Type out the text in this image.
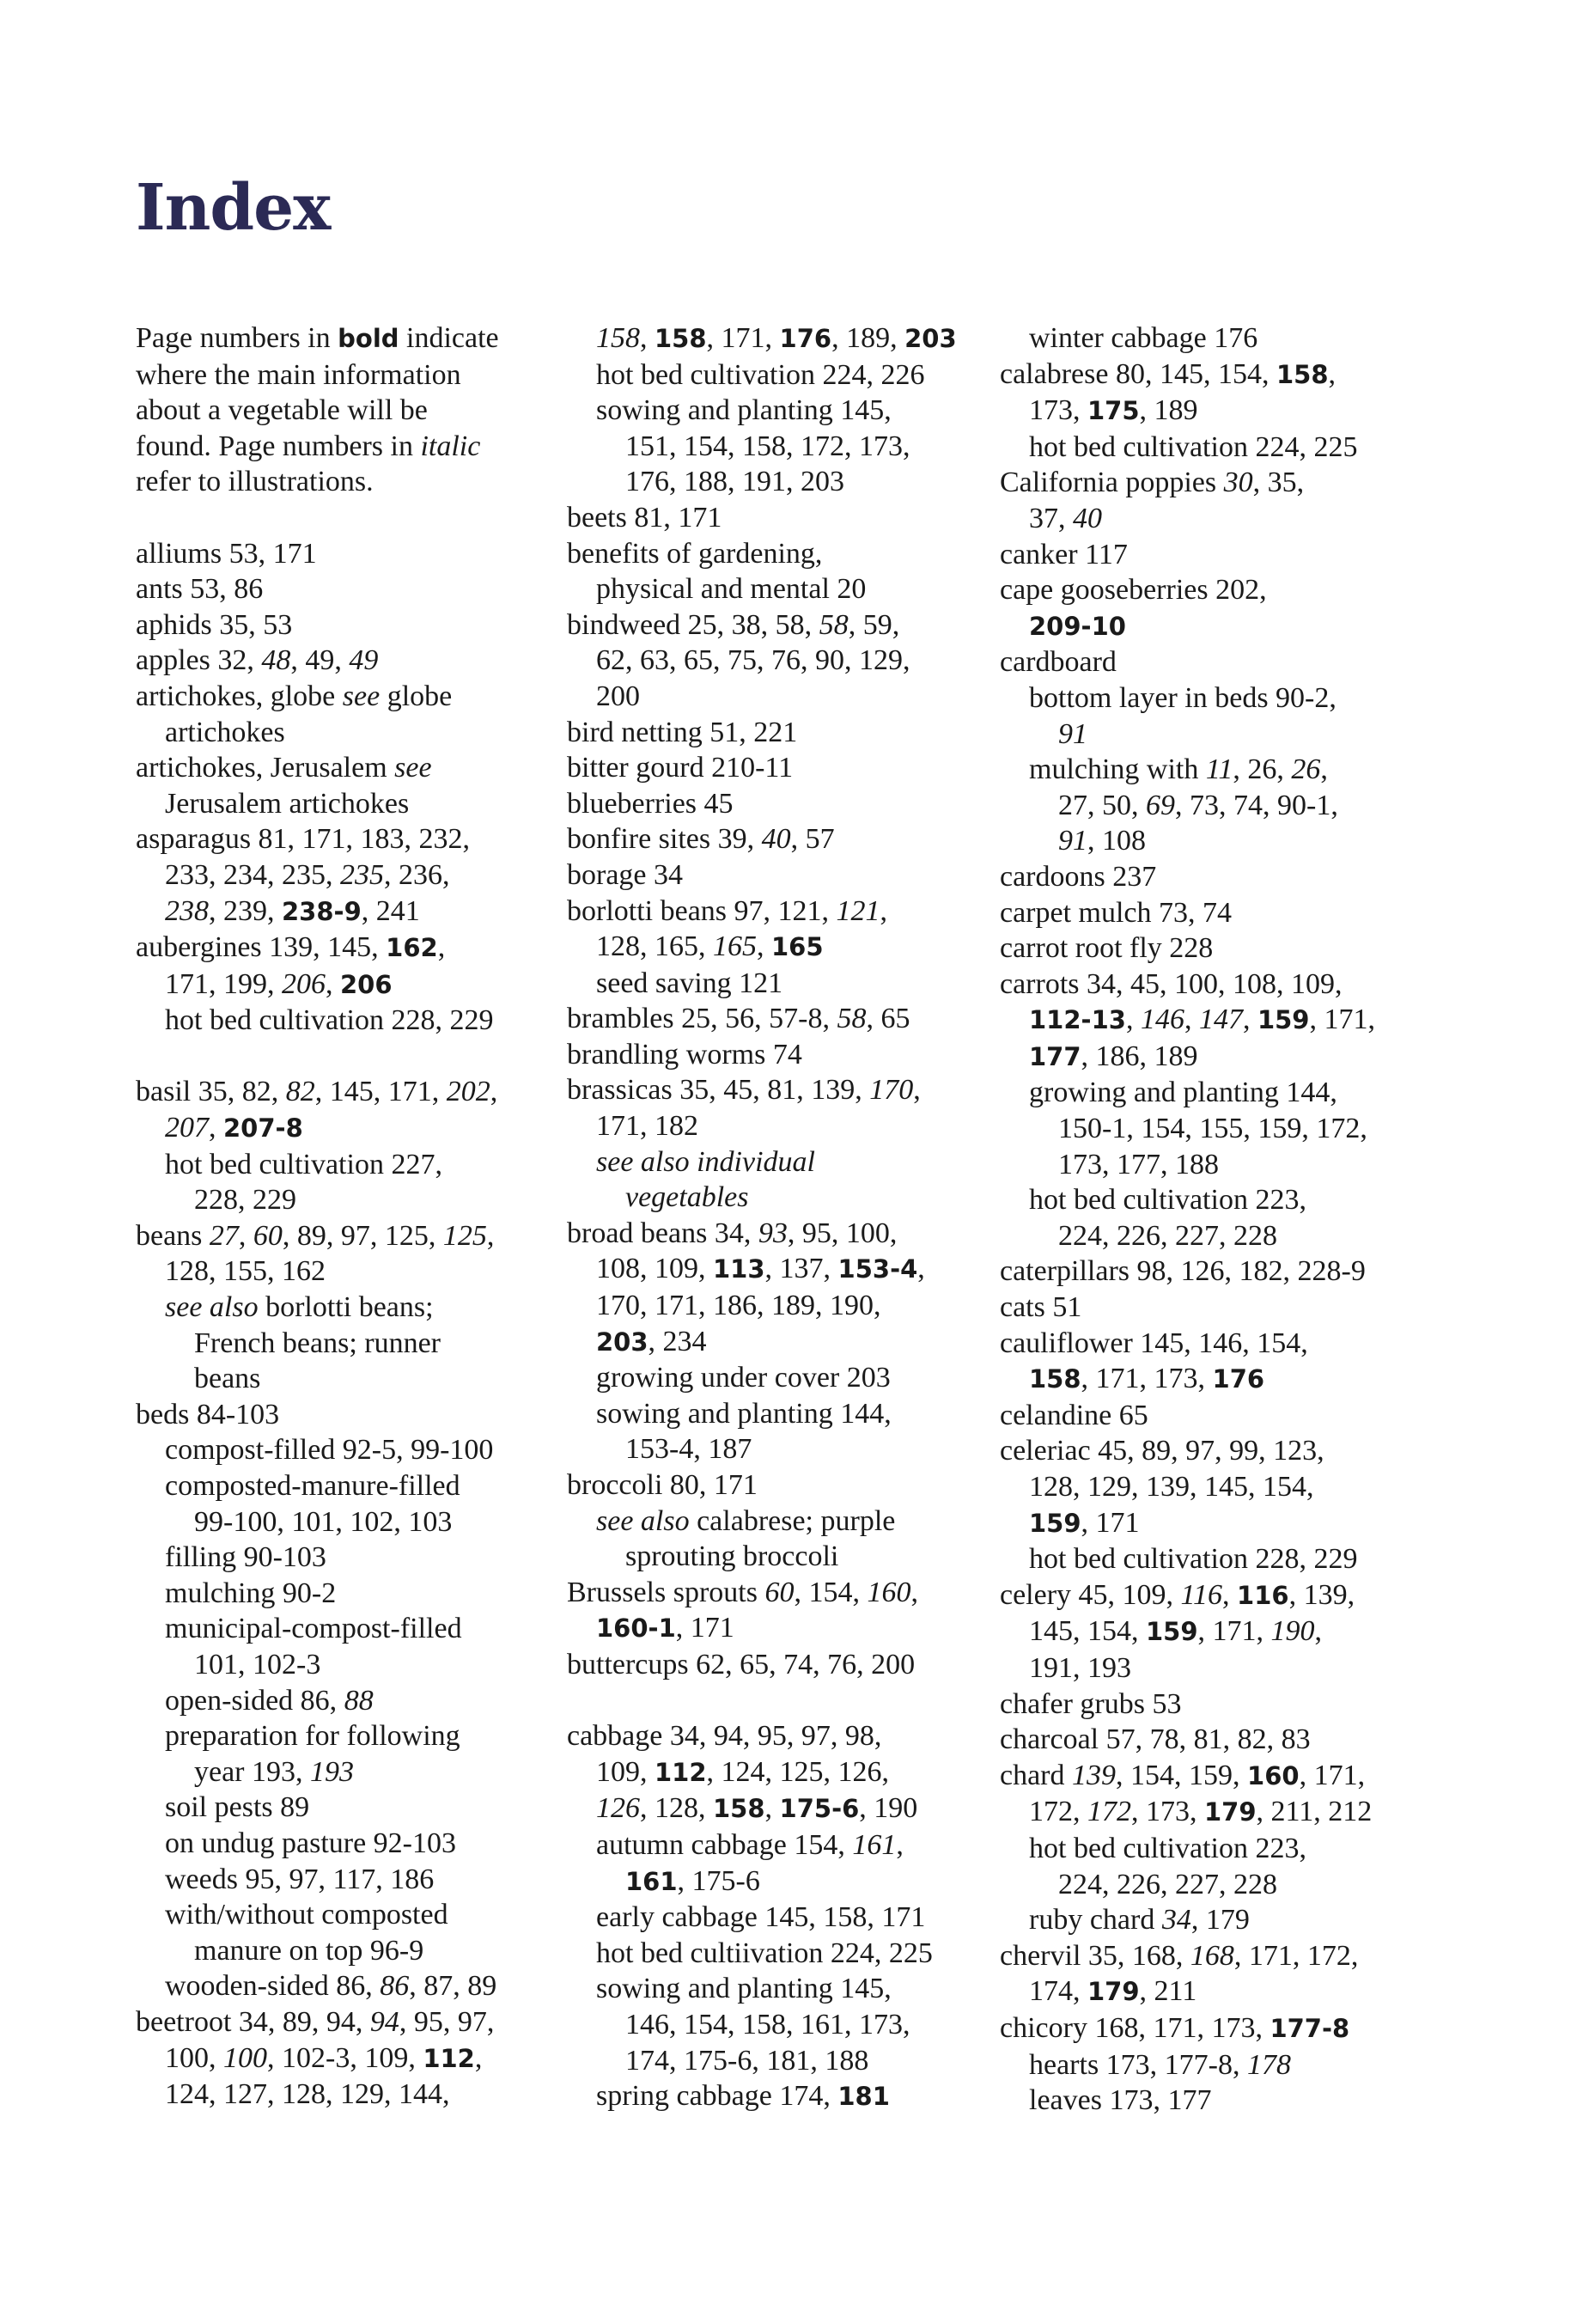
Index
Page numbers in bold indicate
where the main information
about a vegetable will be
found. Page numbers in italic
refer to illustrations.
alliums 53, 171
ants 53, 86
aphids 35, 53
apples 32, 48, 49, 49
artichokes, globe see globe
artichokes
artichokes, Jerusalem see
Jerusalem artichokes
asparagus 81, 171, 183, 232,
233, 234, 235, 235, 236,
238, 239, 238-9, 241
aubergines 139, 145, 162,
171, 199, 206, 206
hot bed cultivation 228, 229
basil 35, 82, 82, 145, 171, 202,
207, 207-8
hot bed cultivation 227,
228, 229
beans 27, 60, 89, 97, 125, 125,
128, 155, 162
see also borlotti beans;
French beans; runner
beans
beds 84-103
compost-filled 92-5, 99-100
composted-manure-filled
99-100, 101, 102, 103
filling 90-103
mulching 90-2
municipal-compost-filled
101, 102-3
open-sided 86, 88
preparation for following
year 193, 193
soil pests 89
on undug pasture 92-103
weeds 95, 97, 117, 186
with/without composted
manure on top 96-9
wooden-sided 86, 86, 87, 89
beetroot 34, 89, 94, 94, 95, 97,
100, 100, 102-3, 109, 112,
124, 127, 128, 129, 144,
158, 158, 171, 176, 189, 203
hot bed cultivation 224, 226
sowing and planting 145,
151, 154, 158, 172, 173,
176, 188, 191, 203
beets 81, 171
benefits of gardening,
physical and mental 20
bindweed 25, 38, 58, 58, 59,
62, 63, 65, 75, 76, 90, 129,
200
bird netting 51, 221
bitter gourd 210-11
blueberries 45
bonfire sites 39, 40, 57
borage 34
borlotti beans 97, 121, 121,
128, 165, 165, 165
seed saving 121
brambles 25, 56, 57-8, 58, 65
brandling worms 74
brassicas 35, 45, 81, 139, 170,
171, 182
see also individual
vegetables
broad beans 34, 93, 95, 100,
108, 109, 113, 137, 153-4,
170, 171, 186, 189, 190,
203, 234
growing under cover 203
sowing and planting 144,
153-4, 187
broccoli 80, 171
see also calabrese; purple
sprouting broccoli
Brussels sprouts 60, 154, 160,
160-1, 171
buttercups 62, 65, 74, 76, 200
cabbage 34, 94, 95, 97, 98,
109, 112, 124, 125, 126,
126, 128, 158, 175-6, 190
autumn cabbage 154, 161,
161, 175-6
early cabbage 145, 158, 171
hot bed cultiivation 224, 225
sowing and planting 145,
146, 154, 158, 161, 173,
174, 175-6, 181, 188
spring cabbage 174, 181
winter cabbage 176
calabrese 80, 145, 154, 158,
173, 175, 189
hot bed cultivation 224, 225
California poppies 30, 35,
37, 40
canker 117
cape gooseberries 202,
209-10
cardboard
bottom layer in beds 90-2,
91
mulching with 11, 26, 26,
27, 50, 69, 73, 74, 90-1,
91, 108
cardoons 237
carpet mulch 73, 74
carrot root fly 228
carrots 34, 45, 100, 108, 109,
112-13, 146, 147, 159, 171,
177, 186, 189
growing and planting 144,
150-1, 154, 155, 159, 172,
173, 177, 188
hot bed cultivation 223,
224, 226, 227, 228
caterpillars 98, 126, 182, 228-9
cats 51
cauliflower 145, 146, 154,
158, 171, 173, 176
celandine 65
celeriac 45, 89, 97, 99, 123,
128, 129, 139, 145, 154,
159, 171
hot bed cultivation 228, 229
celery 45, 109, 116, 116, 139,
145, 154, 159, 171, 190,
191, 193
chafer grubs 53
charcoal 57, 78, 81, 82, 83
chard 139, 154, 159, 160, 171,
172, 172, 173, 179, 211, 212
hot bed cultivation 223,
224, 226, 227, 228
ruby chard 34, 179
chervil 35, 168, 168, 171, 172,
174, 179, 211
chicory 168, 171, 173, 177-8
hearts 173, 177-8, 178
leaves 173, 177
